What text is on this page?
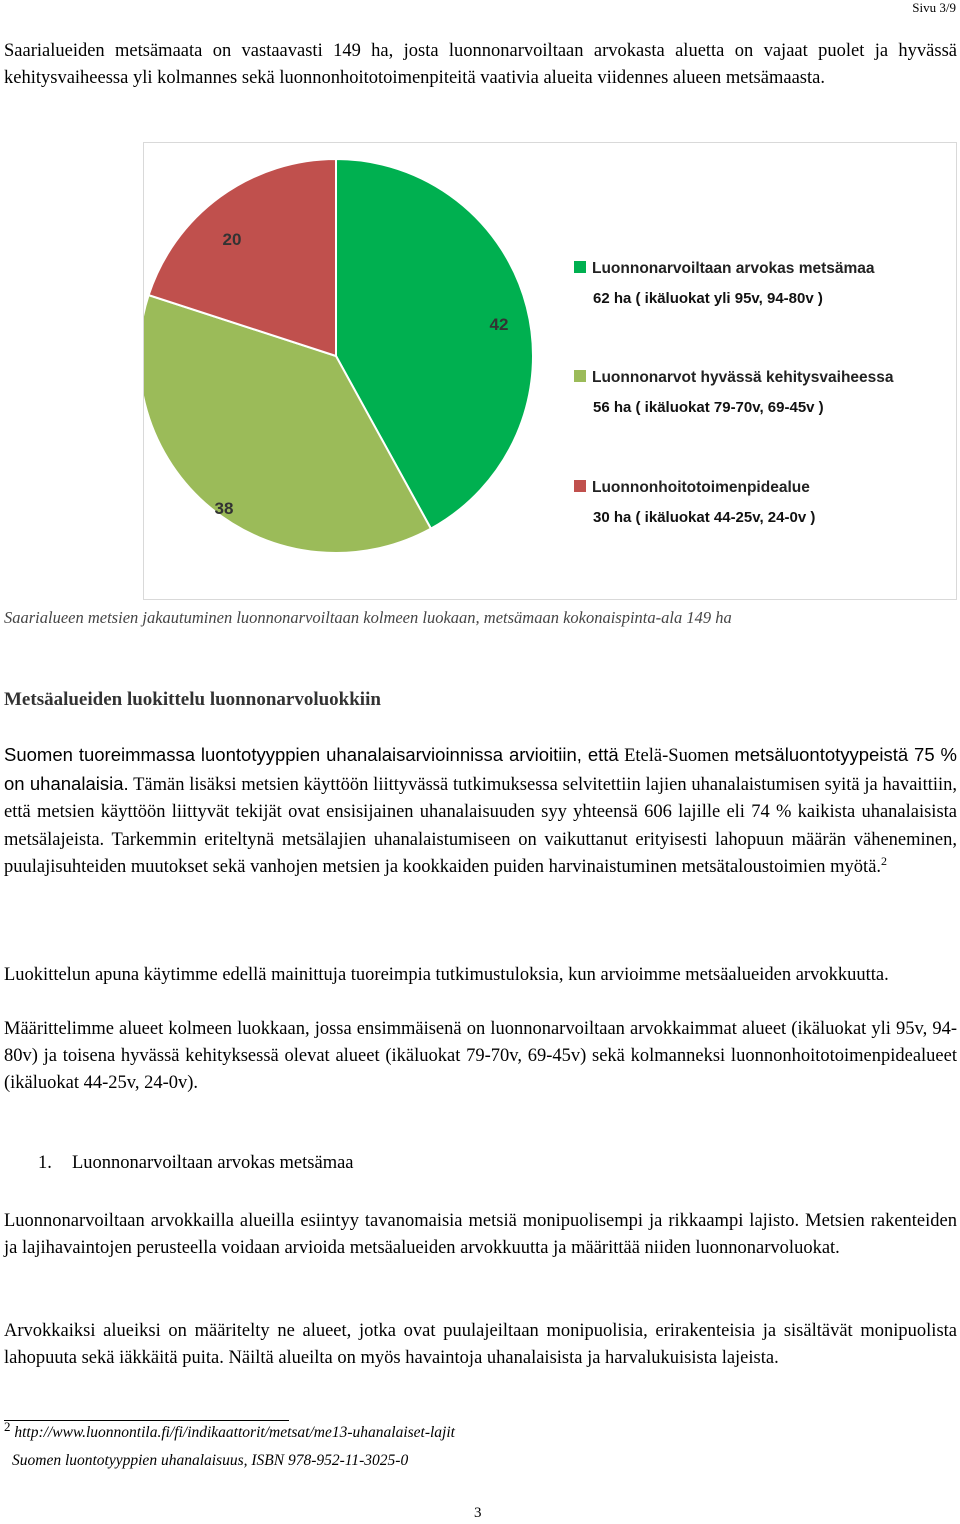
Sivu 3/9

Saarialueiden metsämaata on vastaavasti 149 ha, josta luonnonarvoiltaan arvokasta aluetta on vajaat puolet ja hyvässä kehitysvaiheessa yli kolmannes sekä luonnonhoitotoimenpiteitä vaativia alueita viidennes alueen metsämaasta.

42
38
20
Luonnonarvoiltaan arvokas metsämaa
62 ha ( ikäluokat yli 95v, 94-80v )
Luonnonarvot hyvässä kehitysvaiheessa
56 ha ( ikäluokat 79-70v, 69-45v )
Luonnonhoitotoimenpidealue
30 ha ( ikäluokat 44-25v, 24-0v )
Saarialueen metsien jakautuminen luonnonarvoiltaan kolmeen luokaan, metsämaan kokonaispinta-ala 149 ha
Metsäalueiden luokittelu luonnonarvoluokkiin

Suomen tuoreimmassa luontotyyppien uhanalaisarvioinnissa arvioitiin, että Etelä-Suomen metsäluontotyypeistä 75 % on uhanalaisia. Tämän lisäksi metsien käyttöön liittyvässä tutkimuksessa selvitettiin lajien uhanalaistumisen syitä ja havaittiin, että metsien käyttöön liittyvät tekijät ovat ensisijainen uhanalaisuuden syy yhteensä 606 lajille eli 74 % kaikista uhanalaisista metsälajeista. Tarkemmin eriteltynä metsälajien uhanalaistumiseen on vaikuttanut erityisesti lahopuun määrän väheneminen, puulajisuhteiden muutokset sekä vanhojen metsien ja kookkaiden puiden harvinaistuminen metsätaloustoimien myötä.$^2$

Luokittelun apuna käytimme edellä mainittuja tuoreimpia tutkimustuloksia, kun arvioimme metsäalueiden arvokkuutta.

Määrittelimme alueet kolmeen luokkaan, jossa ensimmäisenä on luonnonarvoiltaan arvokkaimmat alueet (ikäluokat yli 95v, 94-80v) ja toisena hyvässä kehityksessä olevat alueet (ikäluokat 79-70v, 69-45v) sekä kolmanneksi luonnonhoitotoimenpidealueet (ikäluokat 44-25v, 24-0v).

1. Luonnonarvoiltaan arvokas metsämaa

Luonnonarvoiltaan arvokkailla alueilla esiintyy tavanomaisia metsiä monipuolisempi ja rikkaampi lajisto. Metsien rakenteiden ja lajihavaintojen perusteella voidaan arvioida metsäalueiden arvokkuutta ja määrittää niiden luonnonarvoluokat.

Arvokkaiksi alueiksi on määritelty ne alueet, jotka ovat puulajeiltaan monipuolisia, erirakenteisia ja sisältävät monipuolista lahopuuta sekä iäkkäitä puita. Näiltä alueilta on myös havaintoja uhanalaisista ja harvalukuisista lajeista.

$^2$ http://www.luonnontila.fi/fi/indikaattorit/metsat/me13-uhanalaiset-lajit
Suomen luontotyyppien uhanalaisuus, ISBN 978-952-11-3025-0
3
